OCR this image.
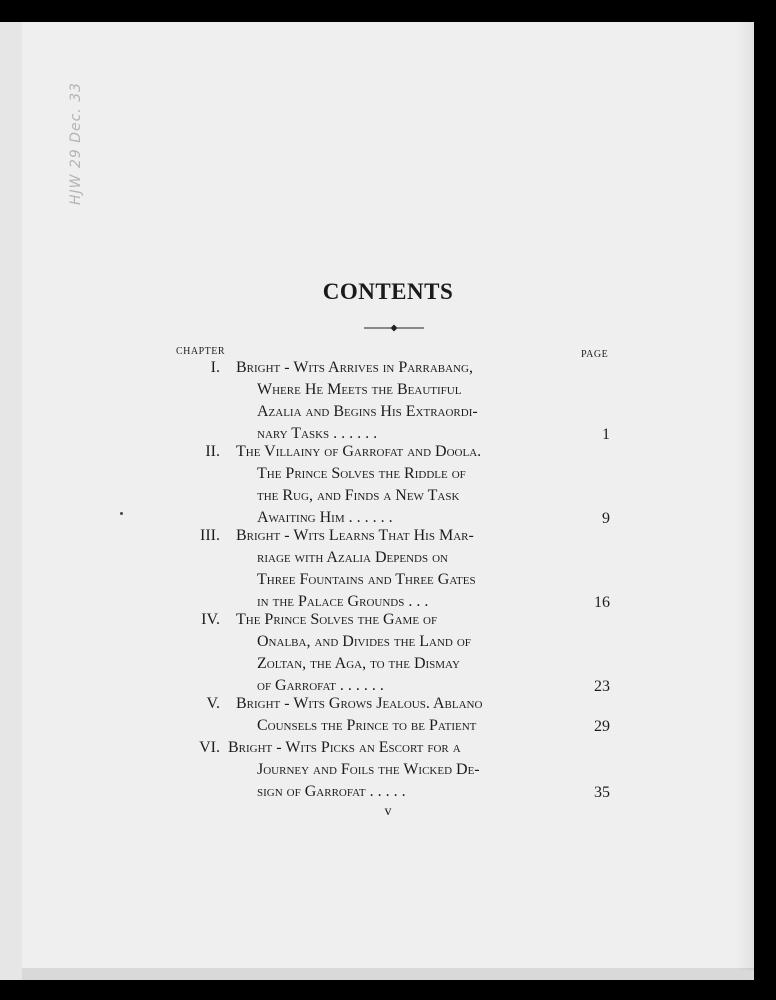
HJW 29 Dec. 33
CONTENTS
CHAPTER	PAGE
I. Bright - Wits Arrives in Parrabang,
Where He Meets the Beautiful
Azalia and Begins His Extraordi-
nary Tasks . . . . . .	1
II. The Villainy of Garrofat and Doola.
The Prince Solves the Riddle of
the Rug, and Finds a New Task
Awaiting Him . . . . . .	9
III. Bright - Wits Learns That His Mar-
riage with Azalia Depends on
Three Fountains and Three Gates
in the Palace Grounds . . .	16
IV. The Prince Solves the Game of
Onalba, and Divides the Land of
Zoltan, the Aga, to the Dismay
of Garrofat . . . . . .	23
V. Bright - Wits Grows Jealous. Ablano
Counsels the Prince to be Patient	29
VI. Bright - Wits Picks an Escort for a
Journey and Foils the Wicked De-
sign of Garrofat . . . . .	35
v
